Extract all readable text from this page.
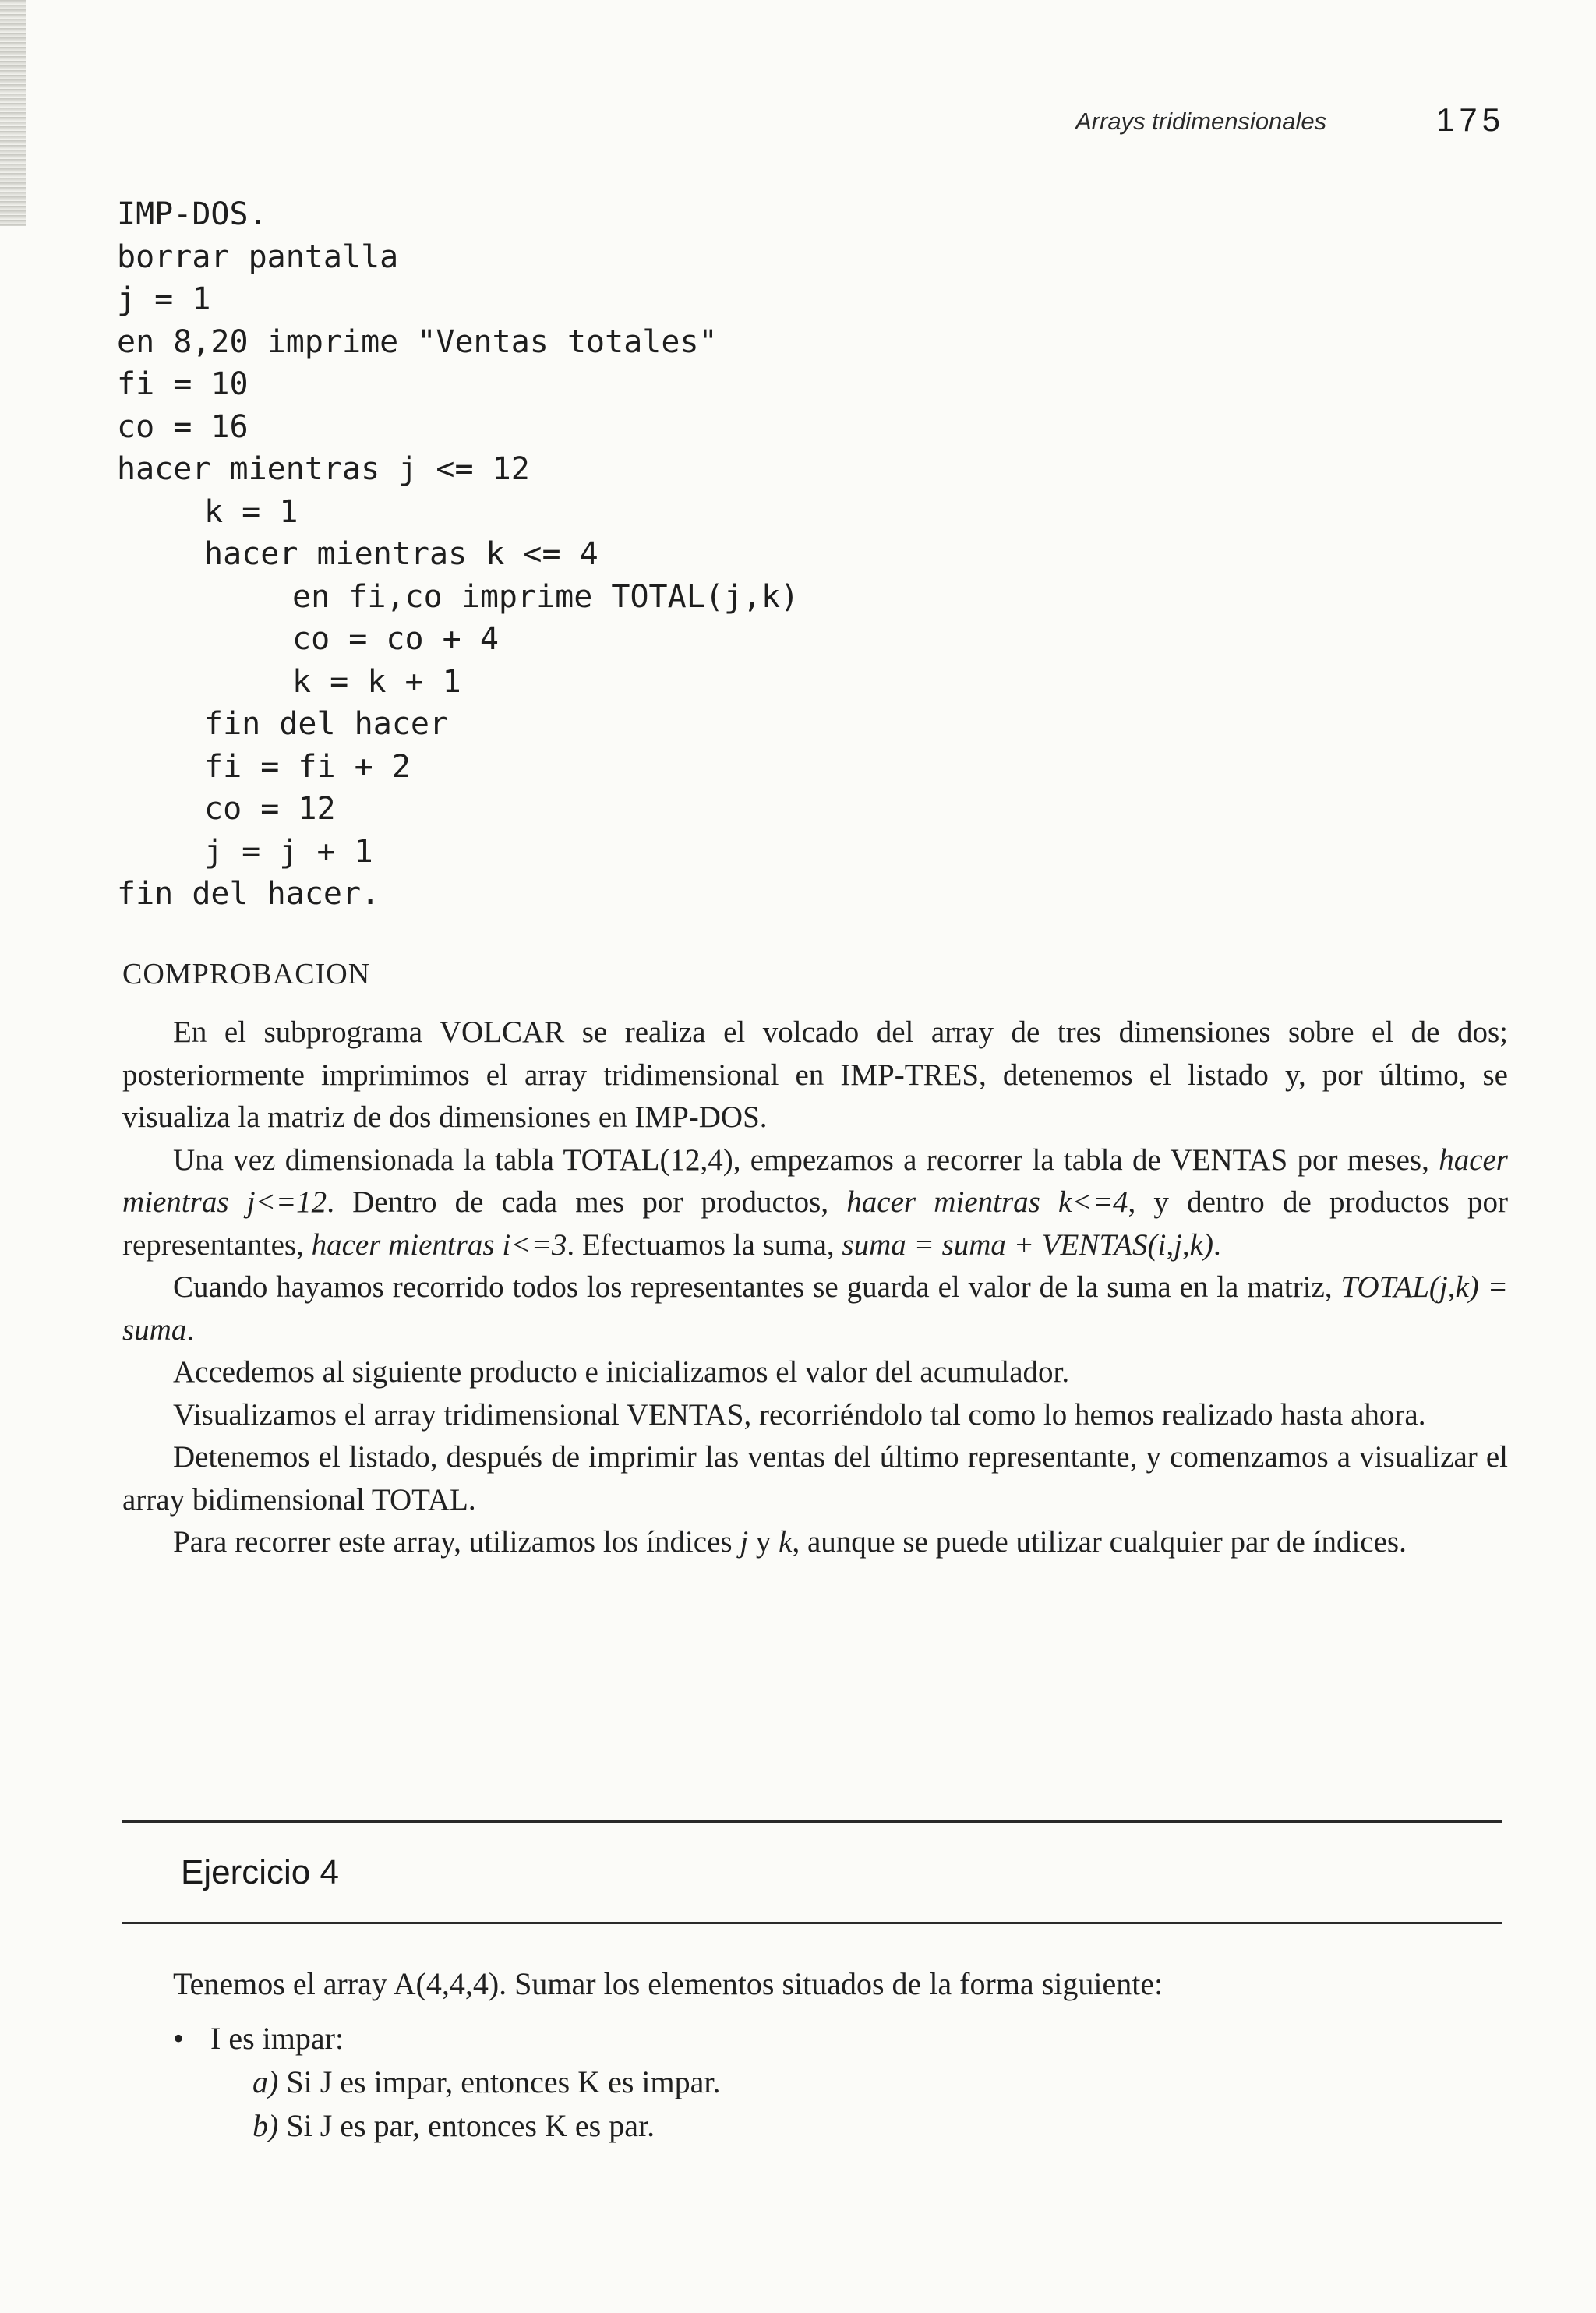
Arrays tridimensionales	175
IMP-DOS.
borrar pantalla
j = 1
en 8,20 imprime "Ventas totales"
fi = 10
co = 16
hacer mientras j <= 12
k = 1
hacer mientras k <= 4
en fi,co imprime TOTAL(j,k)
co = co + 4
k = k + 1
fin del hacer
fi = fi + 2
co = 12
j = j + 1
fin del hacer.
COMPROBACION

En el subprograma VOLCAR se realiza el volcado del array de tres dimensiones sobre el de dos; posteriormente imprimimos el array tridimensional en IMP-TRES, detenemos el listado y, por último, se visualiza la matriz de dos dimensiones en IMP-DOS.

Una vez dimensionada la tabla TOTAL(12,4), empezamos a recorrer la tabla de VENTAS por meses, hacer mientras j<=12. Dentro de cada mes por productos, hacer mientras k<=4, y dentro de productos por representantes, hacer mientras i<=3. Efectuamos la suma, suma = suma + VENTAS(i,j,k).

Cuando hayamos recorrido todos los representantes se guarda el valor de la suma en la matriz, TOTAL(j,k) = suma.

Accedemos al siguiente producto e inicializamos el valor del acumulador.

Visualizamos el array tridimensional VENTAS, recorriéndolo tal como lo hemos realizado hasta ahora.

Detenemos el listado, después de imprimir las ventas del último representante, y comenzamos a visualizar el array bidimensional TOTAL.

Para recorrer este array, utilizamos los índices j y k, aunque se puede utilizar cualquier par de índices.

Ejercicio 4

Tenemos el array A(4,4,4). Sumar los elementos situados de la forma siguiente:

• I es impar:
a) Si J es impar, entonces K es impar.
b) Si J es par, entonces K es par.
